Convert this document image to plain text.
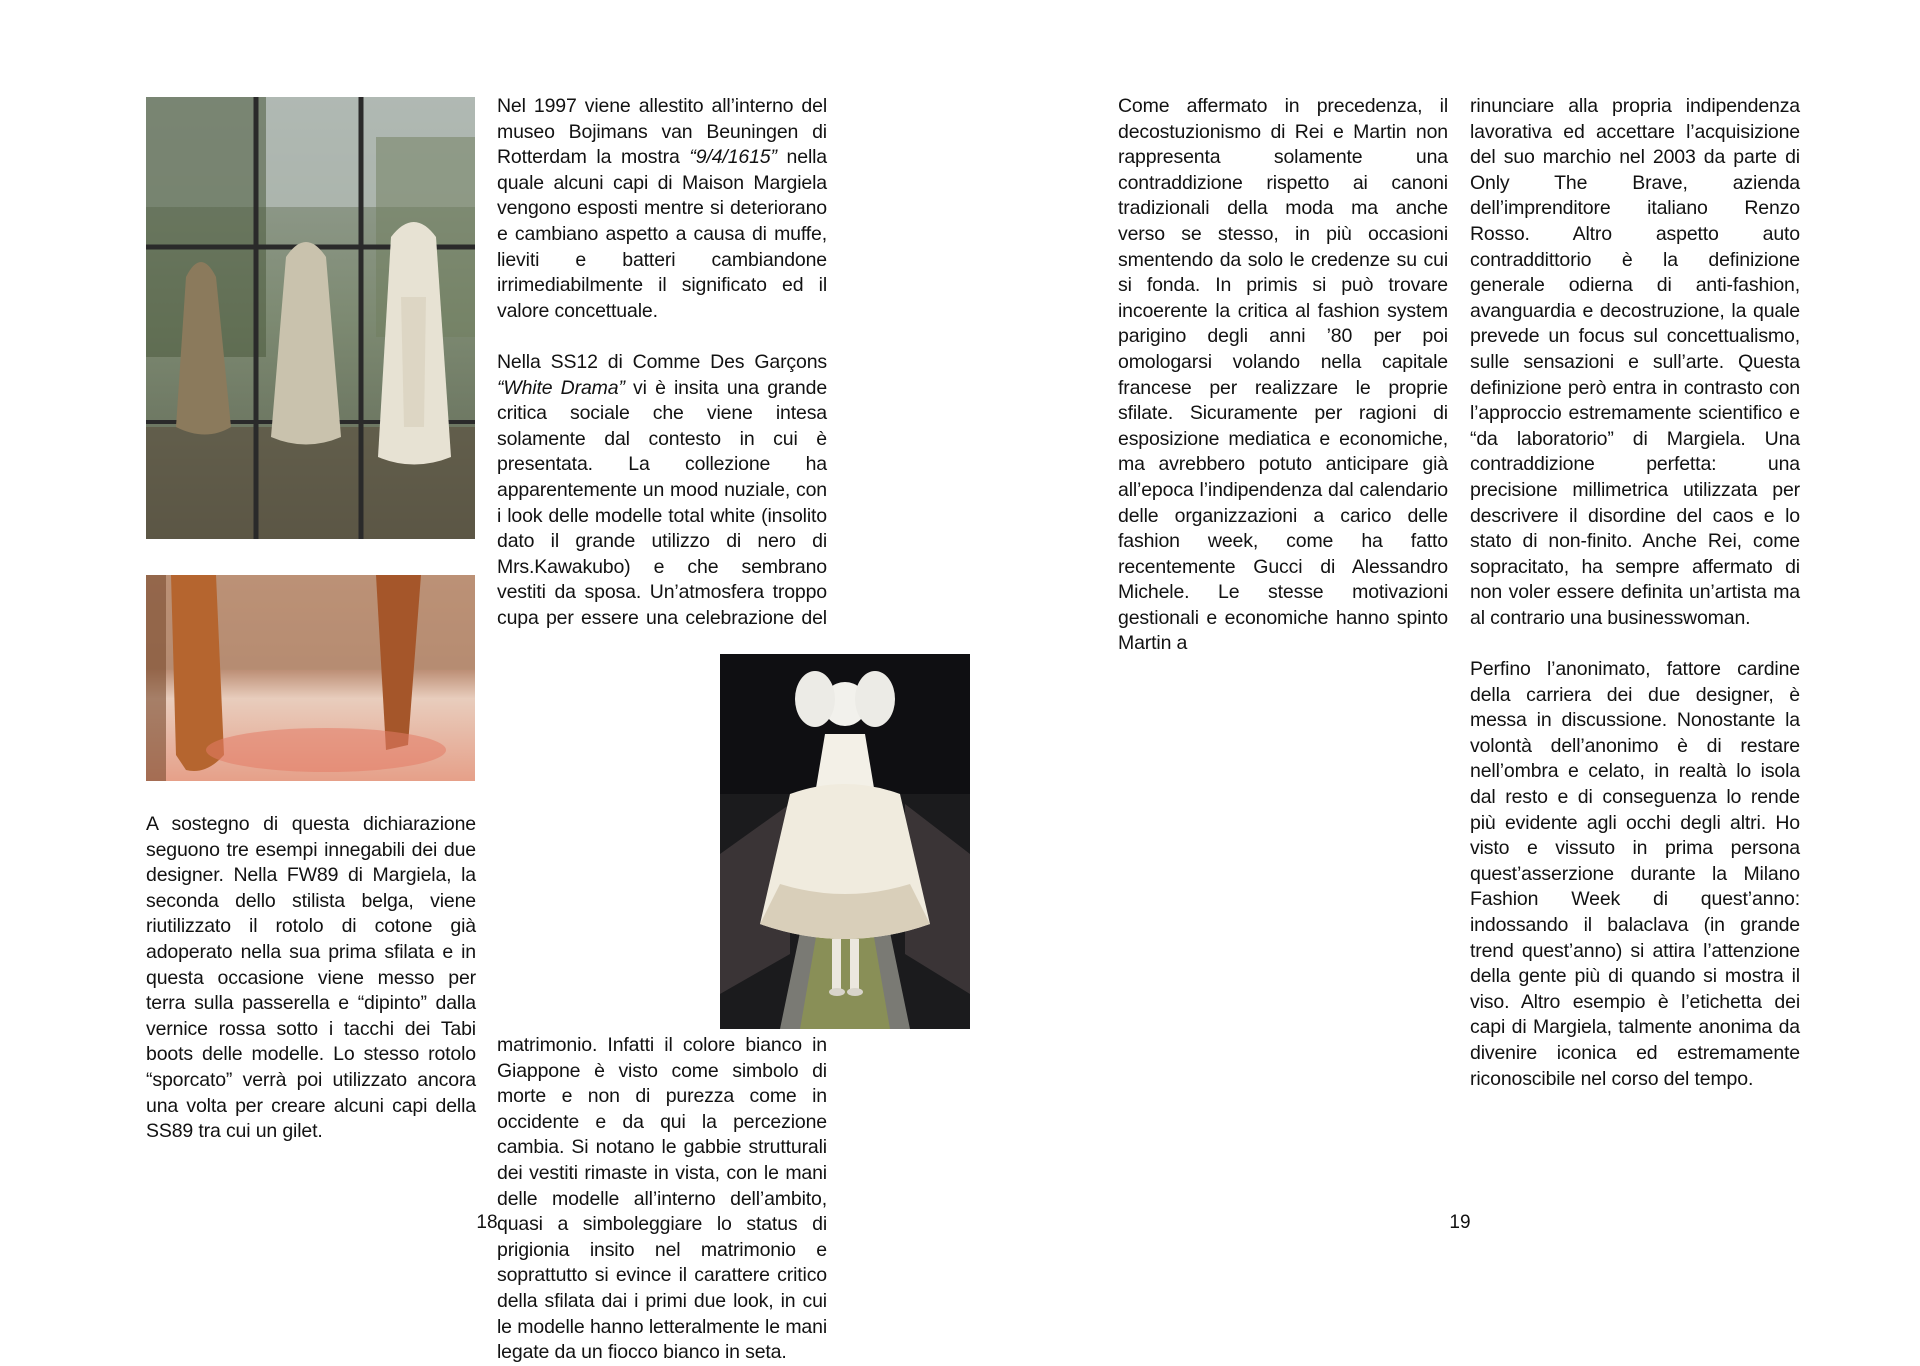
A sostegno di questa dichiarazione seguono tre esempi innegabili dei due designer. Nella FW89 di Margiela, la seconda dello stilista belga, viene riutilizzato il rotolo di cotone già adoperato nella sua prima sfilata e in questa occasione viene messo per terra sulla passerella e “dipinto” dalla vernice rossa sotto i tacchi dei Tabi boots delle modelle. Lo stesso rotolo “sporcato” verrà poi utilizzato ancora una volta per creare alcuni capi della SS89 tra cui un gilet.

Nel 1997 viene allestito all’interno del museo Bojimans van Beuningen di Rotterdam la mostra “9/4/1615” nella quale alcuni capi di Maison Margiela vengono esposti mentre si deteriorano e cambiano aspetto a causa di muffe, lieviti e batteri cambiandone irrimediabilmente il significato ed il valore concettuale.

Nella SS12 di Comme Des Garçons “White Drama” vi è insita una grande critica sociale che viene intesa solamente dal contesto in cui è presentata. La collezione ha apparentemente un mood nuziale, con i look delle modelle total white (insolito dato il grande utilizzo di nero di Mrs.Kawakubo) e che sembrano vestiti da sposa. Un’atmosfera troppo cupa per essere una celebrazione del matrimonio. Infatti il colore bianco in Giappone è visto come simbolo di morte e non di purezza come in occidente e da qui la percezione cambia. Si notano le gabbie strutturali dei vestiti rimaste in vista, con le mani delle modelle all’interno dell’ambito, quasi a simboleggiare lo status di prigionia insito nel matrimonio e soprattutto si evince il carattere critico della sfilata dai i primi due look, in cui le modelle hanno letteralmente le mani legate da un fiocco bianco in seta.

18

Come affermato in precedenza, il decostuzionismo di Rei e Martin non rappresenta solamente una contraddizione rispetto ai canoni tradizionali della moda ma anche verso se stesso, in più occasioni smentendo da solo le credenze su cui si fonda. In primis si può trovare incoerente la critica al fashion system parigino degli anni ’80 per poi omologarsi volando nella capitale francese per realizzare le proprie sfilate. Sicuramente per ragioni di esposizione mediatica e economiche, ma avrebbero potuto anticipare già all’epoca l’indipendenza dal calendario delle organizzazioni a carico delle fashion week, come ha fatto recentemente Gucci di Alessandro Michele. Le stesse motivazioni gestionali e economiche hanno spinto Martin a

rinunciare alla propria indipendenza lavorativa ed accettare l’acquisizione del suo marchio nel 2003 da parte di Only The Brave, azienda dell’imprenditore italiano Renzo Rosso. Altro aspetto auto contraddittorio è la definizione generale odierna di anti-fashion, avanguardia e decostruzione, la quale prevede un focus sul concettualismo, sulle sensazioni e sull’arte. Questa definizione però entra in contrasto con l’approccio estremamente scientifico e “da laboratorio” di Margiela. Una contraddizione perfetta: una precisione millimetrica utilizzata per descrivere il disordine del caos e lo stato di non-finito. Anche Rei, come sopracitato, ha sempre affermato di non voler essere definita un’artista ma al contrario una businesswoman.

Perfino l’anonimato, fattore cardine della carriera dei due designer, è messa in discussione. Nonostante la volontà dell’anonimo è di restare nell’ombra e celato, in realtà lo isola dal resto e di conseguenza lo rende più evidente agli occhi degli altri. Ho visto e vissuto in prima persona quest’asserzione durante la Milano Fashion Week di quest’anno: indossando il balaclava (in grande trend quest’anno) si attira l’attenzione della gente più di quando si mostra il viso. Altro esempio è l’etichetta dei capi di Margiela, talmente anonima da divenire iconica ed estremamente riconoscibile nel corso del tempo.

19
